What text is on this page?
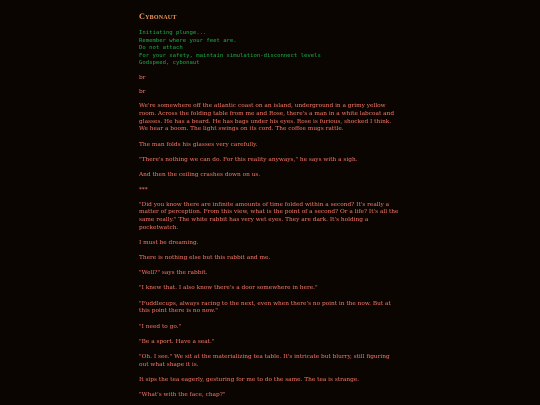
Cybonaut
Initiating plunge...
Remember where your feet are.
Do not attach
For your safety, maintain simulation-disconnect levels
Godspeed, cybonaut

br

br

We're somewhere off the atlantic coast on an island, underground in a grimy yellow room. Across the folding table from me and Rose, there's a man in a white labcoat and glasses. He has a beard. He has bags under his eyes. Rose is furious, shocked I think. We hear a boom. The light swings on its cord. The coffee mugs rattle.

The man folds his glasses very carefully.

"There's nothing we can do. For this reality anyways," he says with a sigh.

And then the ceiling crashes down on us.

***

"Did you know there are infinite amounts of time folded within a second? It's really a matter of perception. From this view, what is the point of a second? Or a life? It's all the same really." The white rabbit has very wet eyes. They are dark. It's holding a pocketwatch.

I must be dreaming.

There is nothing else but this rabbit and me.

"Well?" says the rabbit.

"I knew that. I also know there's a door somewhere in here."

"Fuddlecups, always racing to the next, even when there's no point in the now. But at this point there is no now."

"I need to go."

"Be a sport. Have a seat."

"Oh. I see." We sit at the materializing tea table. It's intricate but blurry, still figuring out what shape it is.

It sips the tea eagerly, gesturing for me to do the same. The tea is strange.

"What's with the face, chap?"
